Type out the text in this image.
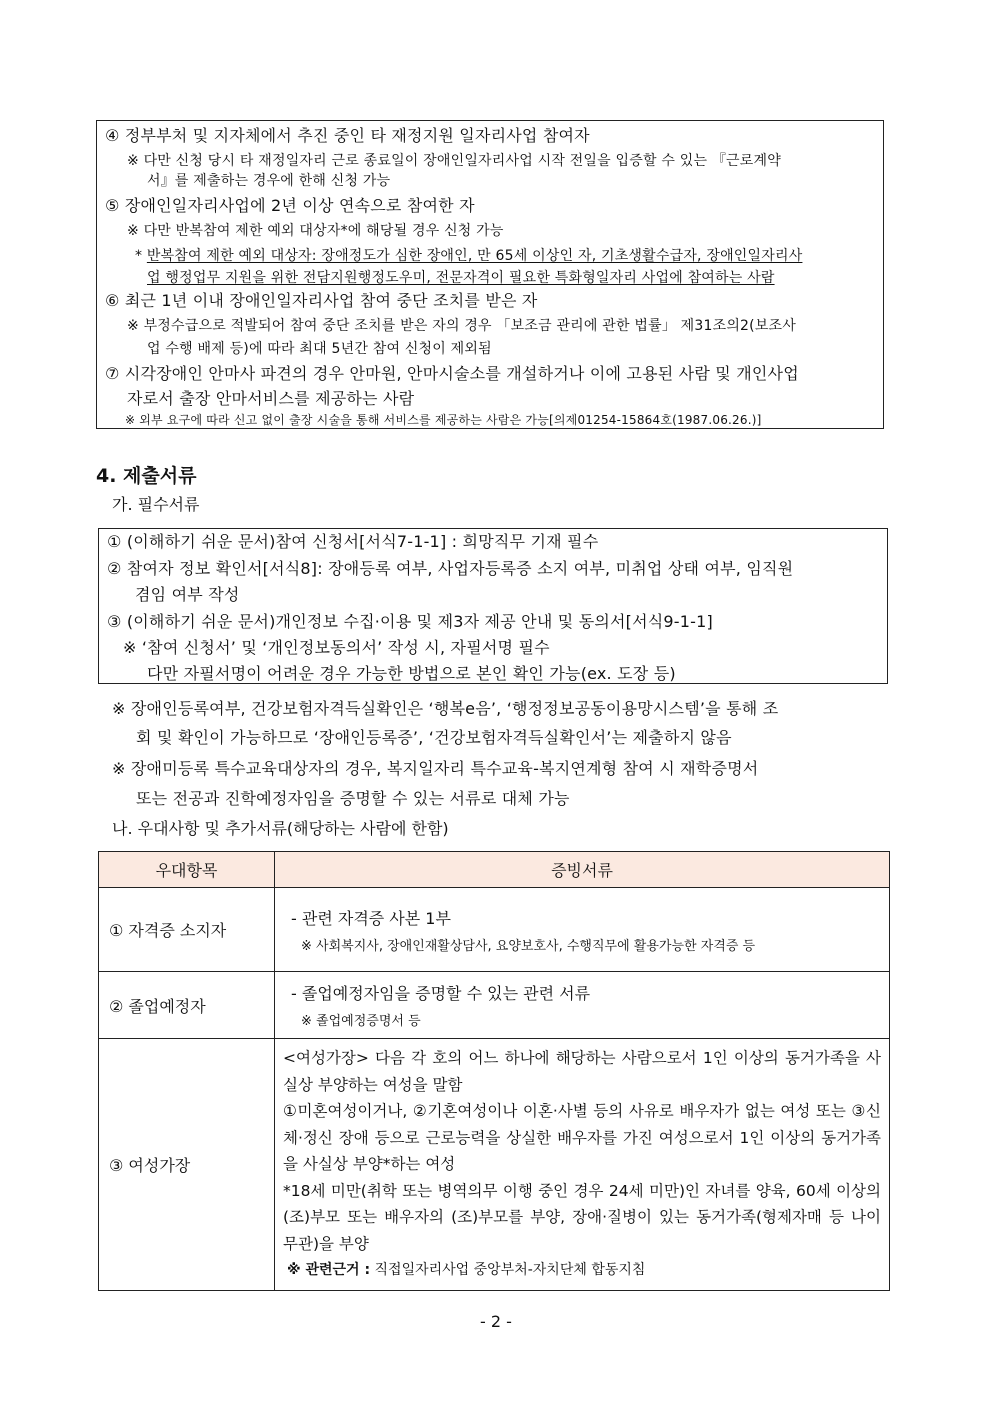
④ 정부부처 및 지자체에서 추진 중인 타 재정지원 일자리사업 참여자
※ 다만 신청 당시 타 재정일자리 근로 종료일이 장애인일자리사업 시작 전일을 입증할 수 있는 『근로계약
서』를 제출하는 경우에 한해 신청 가능
⑤ 장애인일자리사업에 2년 이상 연속으로 참여한 자
※ 다만 반복참여 제한 예외 대상자*에 해당될 경우 신청 가능
* 반복참여 제한 예외 대상자: 장애정도가 심한 장애인, 만 65세 이상인 자, 기초생활수급자, 장애인일자리사
업 행정업무 지원을 위한 전담지원행정도우미, 전문자격이 필요한 특화형일자리 사업에 참여하는 사람
⑥ 최근 1년 이내 장애인일자리사업 참여 중단 조치를 받은 자
※ 부정수급으로 적발되어 참여 중단 조치를 받은 자의 경우 「보조금 관리에 관한 법률」 제31조의2(보조사
업 수행 배제 등)에 따라 최대 5년간 참여 신청이 제외됨
⑦ 시각장애인 안마사 파견의 경우 안마원, 안마시술소를 개설하거나 이에 고용된 사람 및 개인사업
자로서 출장 안마서비스를 제공하는 사람
※ 외부 요구에 따라 신고 없이 출장 시술을 통해 서비스를 제공하는 사람은 가능[의제01254-15864호(1987.06.26.)]
4. 제출서류
가. 필수서류
① (이해하기 쉬운 문서)참여 신청서[서식7-1-1] : 희망직무 기재 필수
② 참여자 정보 확인서[서식8]: 장애등록 여부, 사업자등록증 소지 여부, 미취업 상태 여부, 임직원
겸임 여부 작성
③ (이해하기 쉬운 문서)개인정보 수집·이용 및 제3자 제공 안내 및 동의서[서식9-1-1]
※ ‘참여 신청서’ 및 ‘개인정보동의서’ 작성 시, 자필서명 필수
다만 자필서명이 어려운 경우 가능한 방법으로 본인 확인 가능(ex. 도장 등)
※ 장애인등록여부, 건강보험자격득실확인은 ‘행복e음’, ‘행정정보공동이용망시스템’을 통해 조
회 및 확인이 가능하므로 ‘장애인등록증’, ‘건강보험자격득실확인서’는 제출하지 않음
※ 장애미등록 특수교육대상자의 경우, 복지일자리 특수교육-복지연계형 참여 시 재학증명서
또는 전공과 진학예정자임을 증명할 수 있는 서류로 대체 가능
나. 우대사항 및 추가서류(해당하는 사람에 한함)
우대항목	증빙서류
① 자격증 소지자	- 관련 자격증 사본 1부
※ 사회복지사, 장애인재활상담사, 요양보호사, 수행직무에 활용가능한 자격증 등

② 졸업예정자	- 졸업예정자임을 증명할 수 있는 관련 서류
※ 졸업예정증명서 등

③ 여성가장	<여성가장> 다음 각 호의 어느 하나에 해당하는 사람으로서 1인 이상의 동거가족을 사실상 부양하는 여성을 말함

①미혼여성이거나, ②기혼여성이나 이혼·사별 등의 사유로 배우자가 없는 여성 또는 ③신체·정신 장애 등으로 근로능력을 상실한 배우자를 가진 여성으로서 1인 이상의 동거가족을 사실상 부양*하는 여성

*18세 미만(취학 또는 병역의무 이행 중인 경우 24세 미만)인 자녀를 양육, 60세 이상의 (조)부모 또는 배우자의 (조)부모를 부양, 장애·질병이 있는 동거가족(형제자매 등 나이 무관)을 부양

※ 관련근거 : 직접일자리사업 중앙부처-자치단체 합동지침

- 2 -
